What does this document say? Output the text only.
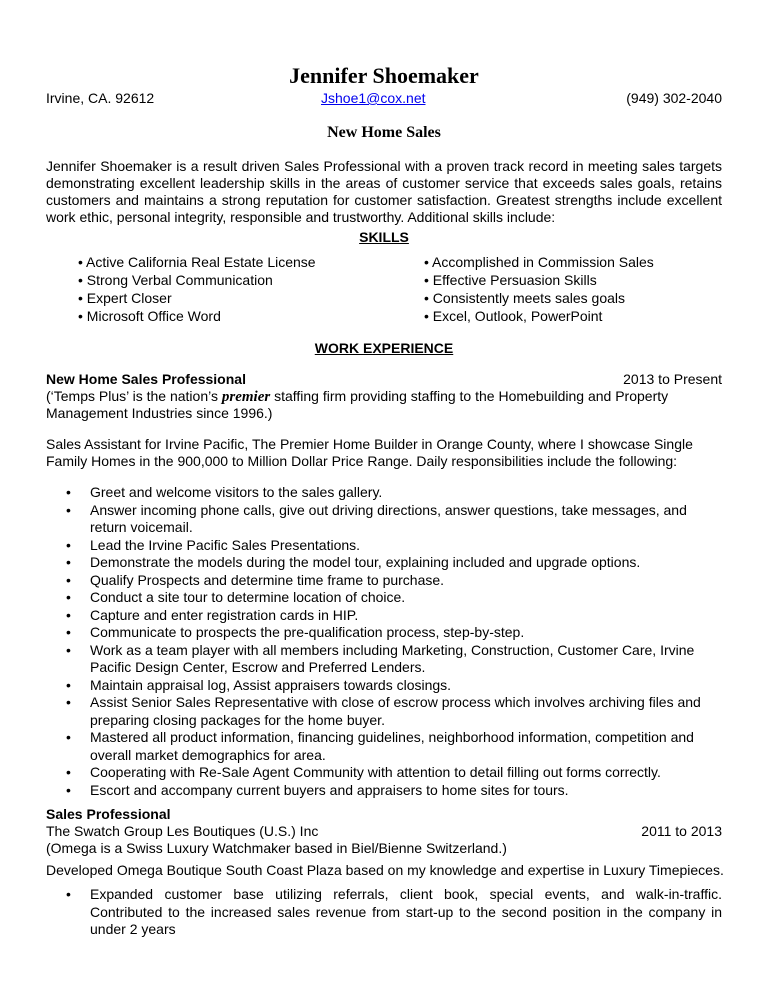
Jennifer Shoemaker
Irvine, CA. 92612	Jshoe1@cox.net	(949) 302-2040
New Home Sales
Jennifer Shoemaker is a result driven Sales Professional with a proven track record in meeting sales targets
demonstrating excellent leadership skills in the areas of customer service that exceeds sales goals, retains
customers and maintains a strong reputation for customer satisfaction. Greatest strengths include excellent
work ethic, personal integrity, responsible and trustworthy. Additional skills include:
SKILLS
• Active California Real Estate License
• Strong Verbal Communication
• Expert Closer
• Microsoft Office Word
• Accomplished in Commission Sales
• Effective Persuasion Skills
• Consistently meets sales goals
• Excel, Outlook, PowerPoint
WORK EXPERIENCE
New Home Sales Professional	2013 to Present
(‘Temps Plus’ is the nation’s premier staffing firm providing staffing to the Homebuilding and Property
Management Industries since 1996.)
Sales Assistant for Irvine Pacific, The Premier Home Builder in Orange County, where I showcase Single
Family Homes in the 900,000 to Million Dollar Price Range. Daily responsibilities include the following:
• Greet and welcome visitors to the sales gallery.
• Answer incoming phone calls, give out driving directions, answer questions, take messages, and return voicemail.
• Lead the Irvine Pacific Sales Presentations.
• Demonstrate the models during the model tour, explaining included and upgrade options.
• Qualify Prospects and determine time frame to purchase.
• Conduct a site tour to determine location of choice.
• Capture and enter registration cards in HIP.
• Communicate to prospects the pre-qualification process, step-by-step.
• Work as a team player with all members including Marketing, Construction, Customer Care, Irvine Pacific Design Center, Escrow and Preferred Lenders.
• Maintain appraisal log, Assist appraisers towards closings.
• Assist Senior Sales Representative with close of escrow process which involves archiving files and preparing closing packages for the home buyer.
• Mastered all product information, financing guidelines, neighborhood information, competition and overall market demographics for area.
• Cooperating with Re-Sale Agent Community with attention to detail filling out forms correctly.
• Escort and accompany current buyers and appraisers to home sites for tours.
Sales Professional
The Swatch Group Les Boutiques (U.S.) Inc	2011 to 2013
(Omega is a Swiss Luxury Watchmaker based in Biel/Bienne Switzerland.)
Developed Omega Boutique South Coast Plaza based on my knowledge and expertise in Luxury Timepieces.
• Expanded customer base utilizing referrals, client book, special events, and walk-in-traffic. Contributed to the increased sales revenue from start-up to the second position in the company in under 2 years
